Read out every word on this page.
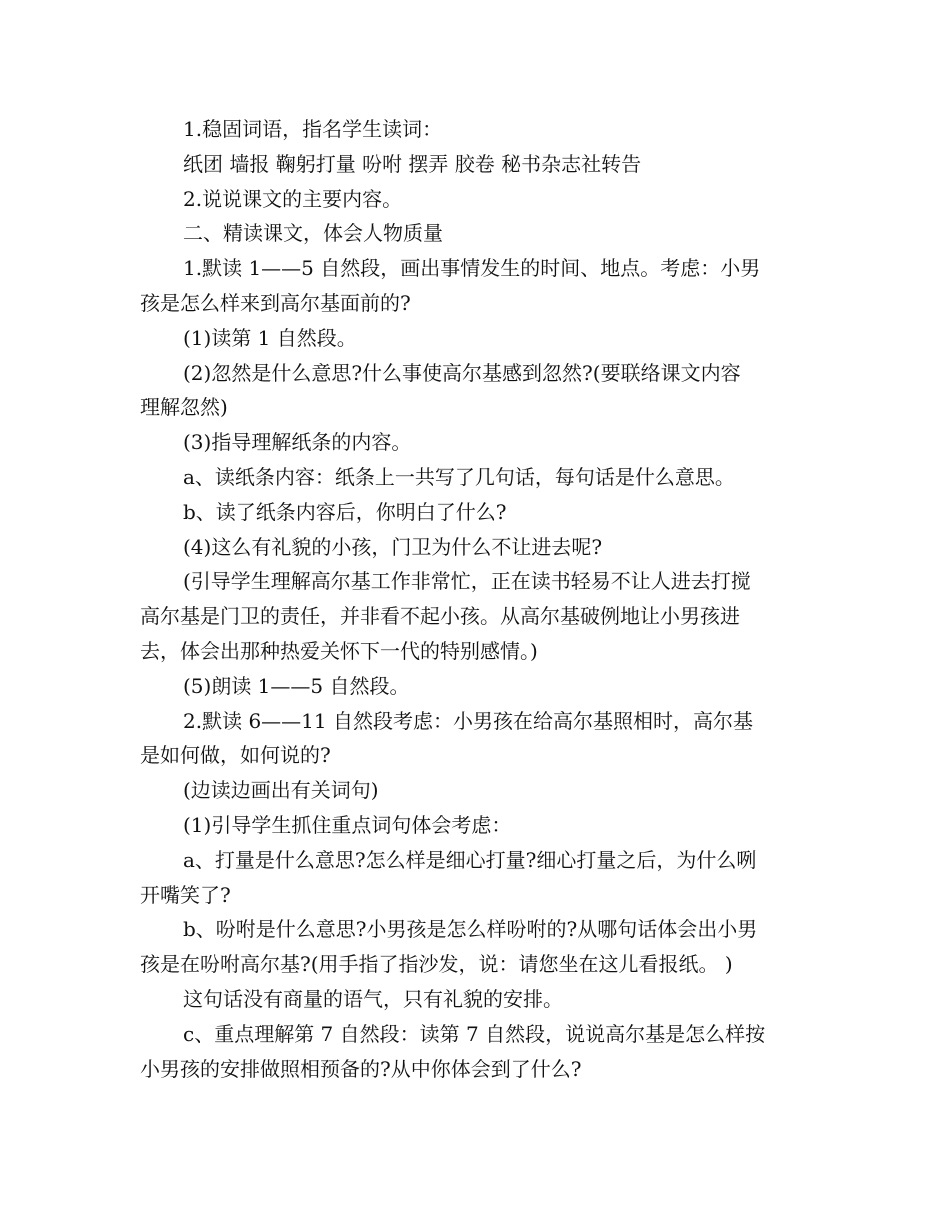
1.稳固词语，指名学生读词：
纸团 墙报 鞠躬打量 吩咐 摆弄 胶卷 秘书杂志社转告
2.说说课文的主要内容。
二、精读课文，体会人物质量
1.默读 1——5 自然段，画出事情发生的时间、地点。考虑：小男
孩是怎么样来到高尔基面前的?
(1)读第 1 自然段。
(2)忽然是什么意思?什么事使高尔基感到忽然?(要联络课文内容
理解忽然)
(3)指导理解纸条的内容。
a、读纸条内容：纸条上一共写了几句话，每句话是什么意思。
b、读了纸条内容后，你明白了什么?
(4)这么有礼貌的小孩，门卫为什么不让进去呢?
(引导学生理解高尔基工作非常忙，正在读书轻易不让人进去打搅
高尔基是门卫的责任，并非看不起小孩。从高尔基破例地让小男孩进
去，体会出那种热爱关怀下一代的特别感情。)
(5)朗读 1——5 自然段。
2.默读 6——11 自然段考虑：小男孩在给高尔基照相时，高尔基
是如何做，如何说的?
(边读边画出有关词句)
(1)引导学生抓住重点词句体会考虑：
a、打量是什么意思?怎么样是细心打量?细心打量之后，为什么咧
开嘴笑了?
b、吩咐是什么意思?小男孩是怎么样吩咐的?从哪句话体会出小男
孩是在吩咐高尔基?(用手指了指沙发，说：请您坐在这儿看报纸。 )
这句话没有商量的语气，只有礼貌的安排。
c、重点理解第 7 自然段：读第 7 自然段，说说高尔基是怎么样按
小男孩的安排做照相预备的?从中你体会到了什么?
